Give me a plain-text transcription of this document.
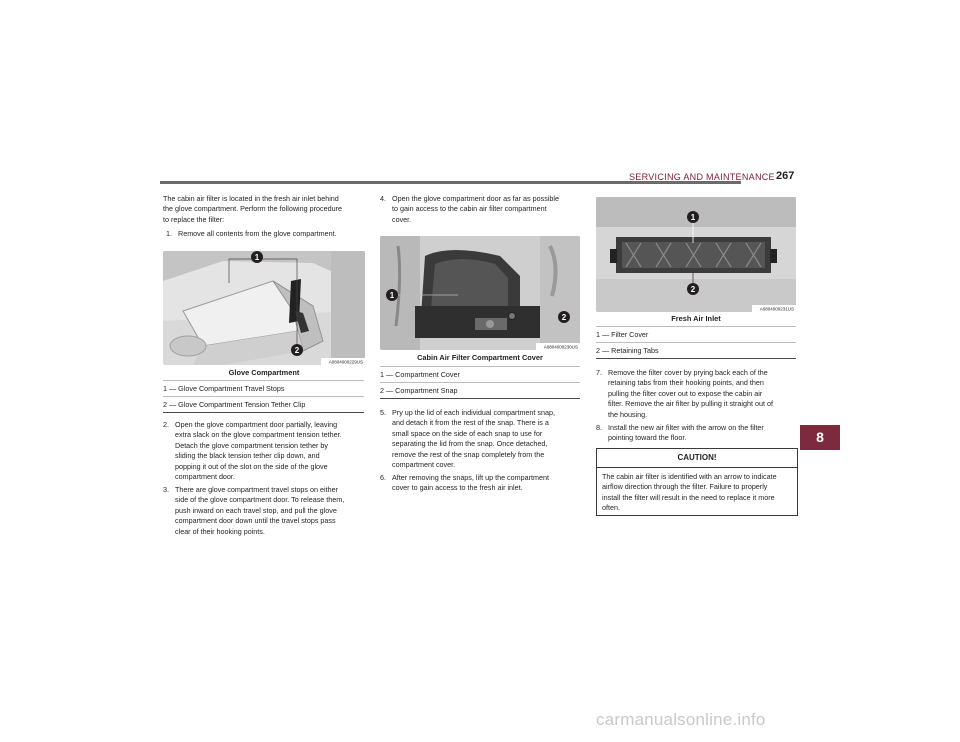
SERVICING AND MAINTENANCE 267
The cabin air filter is located in the fresh air inlet behind
the glove compartment. Perform the following procedure
to replace the filter:
1. Remove all contents from the glove compartment.
1
2
A0804000229US
Glove Compartment
1 — Glove Compartment Travel Stops
2 — Glove Compartment Tension Tether Clip
2. Open the glove compartment door partially, leaving
extra slack on the glove compartment tension tether.
Detach the glove compartment tension tether by
sliding the black tension tether clip down, and
popping it out of the slot on the side of the glove
compartment door.
3. There are glove compartment travel stops on either
side of the glove compartment door. To release them,
push inward on each travel stop, and pull the glove
compartment door down until the travel stops pass
clear of their hooking points.
4. Open the glove compartment door as far as possible
to gain access to the cabin air filter compartment
cover.
1
2
A0804000230US
Cabin Air Filter Compartment Cover
1 — Compartment Cover
2 — Compartment Snap
5. Pry up the lid of each individual compartment snap,
and detach it from the rest of the snap. There is a
small space on the side of each snap to use for
separating the lid from the snap. Once detached,
remove the rest of the snap completely from the
compartment cover.
6. After removing the snaps, lift up the compartment
cover to gain access to the fresh air inlet.
1
2
A0804000231US
Fresh Air Inlet
1 — Filter Cover
2 — Retaining Tabs
7. Remove the filter cover by prying back each of the
retaining tabs from their hooking points, and then
pulling the filter cover out to expose the cabin air
filter. Remove the air filter by pulling it straight out of
the housing.
8. Install the new air filter with the arrow on the filter
pointing toward the floor.
CAUTION!
The cabin air filter is identified with an arrow to indicate
airflow direction through the filter. Failure to properly
install the filter will result in the need to replace it more
often.
8
carmanualsonline.info
